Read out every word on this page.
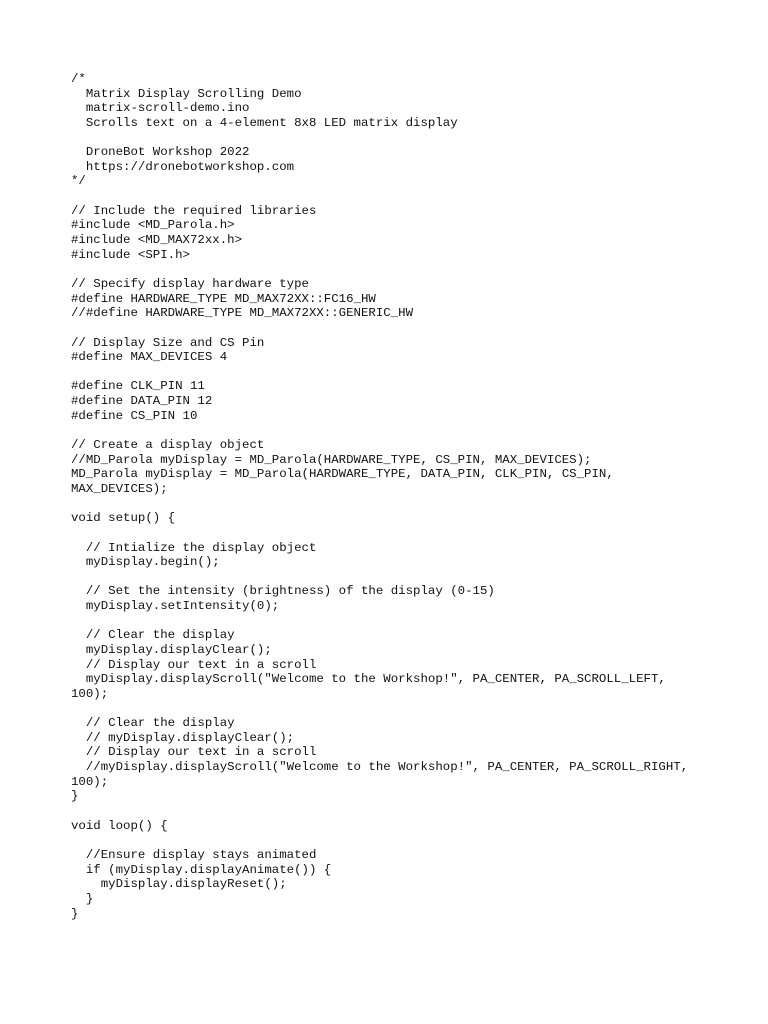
/*
Matrix Display Scrolling Demo
matrix-scroll-demo.ino
Scrolls text on a 4-element 8x8 LED matrix display
DroneBot Workshop 2022
https://dronebotworkshop.com
*/
// Include the required libraries
#include <MD_Parola.h>
#include <MD_MAX72xx.h>
#include <SPI.h>
// Specify display hardware type
#define HARDWARE_TYPE MD_MAX72XX::FC16_HW
//#define HARDWARE_TYPE MD_MAX72XX::GENERIC_HW
// Display Size and CS Pin
#define MAX_DEVICES 4
#define CLK_PIN 11
#define DATA_PIN 12
#define CS_PIN 10
// Create a display object
//MD_Parola myDisplay = MD_Parola(HARDWARE_TYPE, CS_PIN, MAX_DEVICES);
MD_Parola myDisplay = MD_Parola(HARDWARE_TYPE, DATA_PIN, CLK_PIN, CS_PIN,
MAX_DEVICES);
void setup() {
// Intialize the display object
myDisplay.begin();
// Set the intensity (brightness) of the display (0-15)
myDisplay.setIntensity(0);
// Clear the display
myDisplay.displayClear();
// Display our text in a scroll
myDisplay.displayScroll("Welcome to the Workshop!", PA_CENTER, PA_SCROLL_LEFT,
100);
// Clear the display
// myDisplay.displayClear();
// Display our text in a scroll
//myDisplay.displayScroll("Welcome to the Workshop!", PA_CENTER, PA_SCROLL_RIGHT,
100);
}
void loop() {
//Ensure display stays animated
if (myDisplay.displayAnimate()) {
myDisplay.displayReset();
}
}
